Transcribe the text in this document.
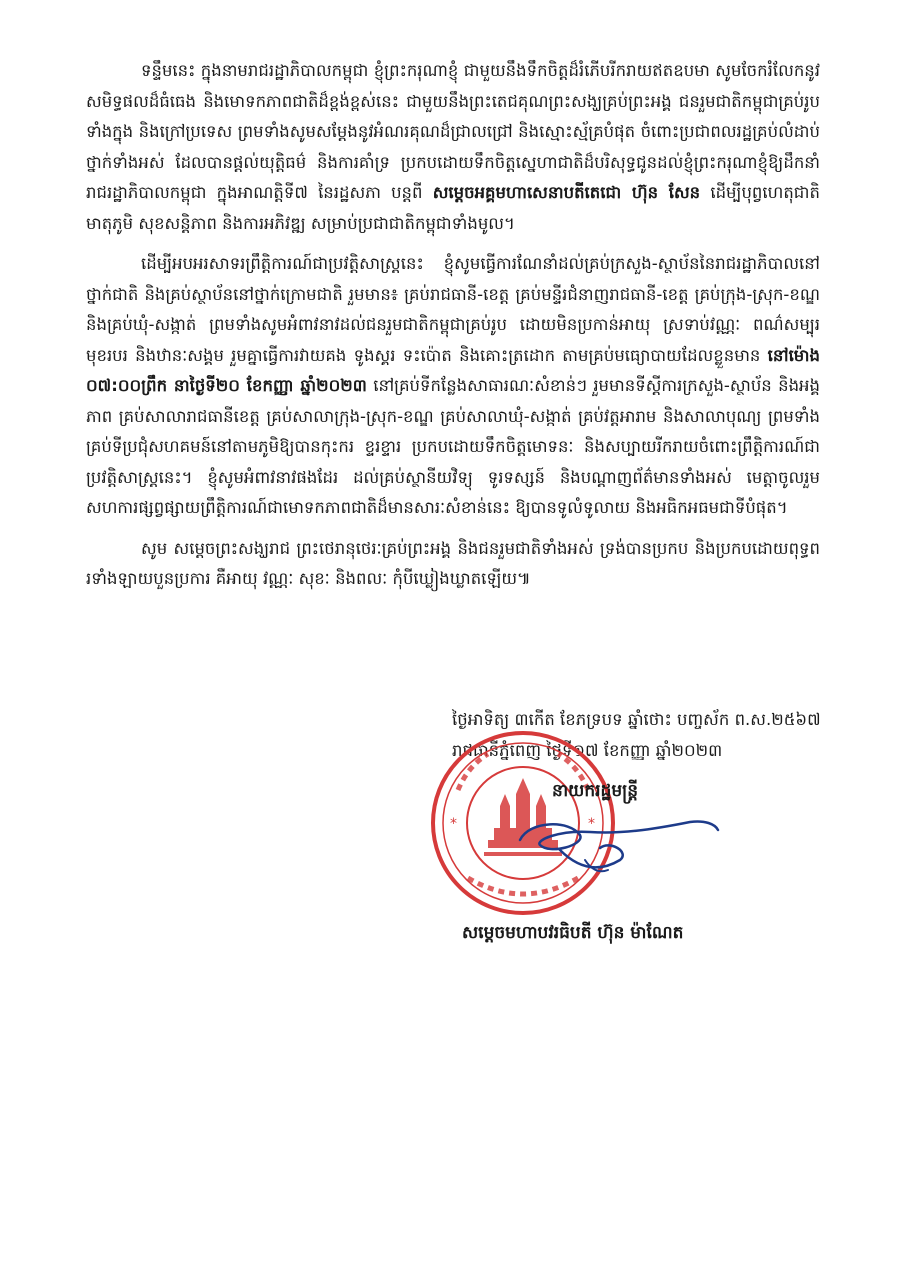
ទន្ទឹមនេះ ក្នុងនាមរាជរដ្ឋាភិបាលកម្ពុជា ខ្ញុំព្រះករុណាខ្ញុំ ជាមួយនឹងទឹកចិត្តដ៏រំភើបរីករាយឥតឧបមា សូមចែករំលែកនូវសមិទ្ធផលដ៏ធំធេង និងមោទកភាពជាតិដ៏ខ្ពង់ខ្ពស់នេះ ជាមួយនឹងព្រះតេជគុណព្រះសង្ឃគ្រប់ព្រះអង្គ ជនរួមជាតិកម្ពុជាគ្រប់រូបទាំងក្នុង និងក្រៅប្រទេស ព្រមទាំងសូមសម្តែងនូវអំណរគុណដ៏ជ្រាលជ្រៅ និងស្មោះស្ម័គ្របំផុត ចំពោះប្រជាពលរដ្ឋគ្រប់លំដាប់ថ្នាក់ទាំងអស់ ដែលបានផ្តល់យុត្តិធម៌ និងការគាំទ្រ ប្រកបដោយទឹកចិត្តស្នេហាជាតិដ៏បរិសុទ្ធជូនដល់ខ្ញុំព្រះករុណាខ្ញុំឱ្យដឹកនាំរាជរដ្ឋាភិបាលកម្ពុជា ក្នុងអាណត្តិទី៧ នៃរដ្ឋសភា បន្តពី សម្តេចអគ្គមហាសេនាបតីតេជោ ហ៊ុន សែន ដើម្បីបុព្វហេតុជាតិ មាតុភូមិ សុខសន្តិភាព និងការអភិវឌ្ឍ សម្រាប់ប្រជាជាតិកម្ពុជាទាំងមូល។

ដើម្បីអបអរសាទរព្រឹត្តិការណ៍ជាប្រវត្តិសាស្ត្រនេះ ខ្ញុំសូមធ្វើការណែនាំដល់គ្រប់ក្រសួង-ស្ថាប័ននៃរាជរដ្ឋាភិបាលនៅថ្នាក់ជាតិ និងគ្រប់ស្ថាប័ននៅថ្នាក់ក្រោមជាតិ រួមមាន៖ គ្រប់រាជធានី-ខេត្ត គ្រប់មន្ទីរជំនាញរាជធានី-ខេត្ត គ្រប់ក្រុង-ស្រុក-ខណ្ឌ និងគ្រប់ឃុំ-សង្កាត់ ព្រមទាំងសូមអំពាវនាវដល់ជនរួមជាតិកម្ពុជាគ្រប់រូប ដោយមិនប្រកាន់អាយុ ស្រទាប់វណ្ណៈ ពណ៌សម្បុរ មុខរបរ និងឋានៈសង្គម រួមគ្នាធ្វើការវាយគង ទូងស្គរ ទះប៉ោត និងគោះត្រដោក តាមគ្រប់មធ្យោបាយដែលខ្លួនមាន នៅម៉ោង ០៧:០០ព្រឹក នាថ្ងៃទី២០ ខែកញ្ញា ឆ្នាំ២០២៣ នៅគ្រប់ទីកន្លែងសាធារណៈសំខាន់ៗ រួមមានទីស្តីការក្រសួង-ស្ថាប័ន និងអង្គភាព គ្រប់សាលារាជធានីខេត្ត គ្រប់សាលាក្រុង-ស្រុក-ខណ្ឌ គ្រប់សាលាឃុំ-សង្កាត់ គ្រប់វត្តអារាម និងសាលាបុណ្យ ព្រមទាំងគ្រប់ទីប្រជុំសហគមន៍នៅតាមភូមិឱ្យបានកុះករ ខ្ទរខ្ទារ ប្រកបដោយទឹកចិត្តមោទនៈ និងសប្បាយរីករាយចំពោះព្រឹត្តិការណ៍ជាប្រវត្តិសាស្ត្រនេះ។ ខ្ញុំសូមអំពាវនាវផងដែរ ដល់គ្រប់ស្ថានីយវិទ្យុ ទូរទស្សន៍ និងបណ្តាញព័ត៌មានទាំងអស់ មេត្តាចូលរួមសហការផ្សព្វផ្សាយព្រឹត្តិការណ៍ជាមោទកភាពជាតិដ៏មានសារៈសំខាន់នេះ ឱ្យបានទូលំទូលាយ និងអធិកអធមជាទីបំផុត។

សូម សម្តេចព្រះសង្ឃរាជ ព្រះថេរានុថេរៈគ្រប់ព្រះអង្គ និងជនរួមជាតិទាំងអស់ ទ្រង់បានប្រកប និងប្រកបដោយពុទ្ធពរទាំងឡាយបួនប្រការ គឺអាយុ វណ្ណៈ សុខៈ និងពលៈ កុំបីឃ្លៀងឃ្លាតឡើយ៕

ថ្ងៃអាទិត្យ ៣កើត ខែភទ្របទ ឆ្នាំថោះ បញ្ចស័ក ព.ស.២៥៦៧
រាជធានីភ្នំពេញ ថ្ងៃទី១៧ ខែកញ្ញា ឆ្នាំ២០២៣
*	*
នាយករដ្ឋមន្ត្រី
សម្តេចមហាបវរធិបតី ហ៊ុន ម៉ាណែត
